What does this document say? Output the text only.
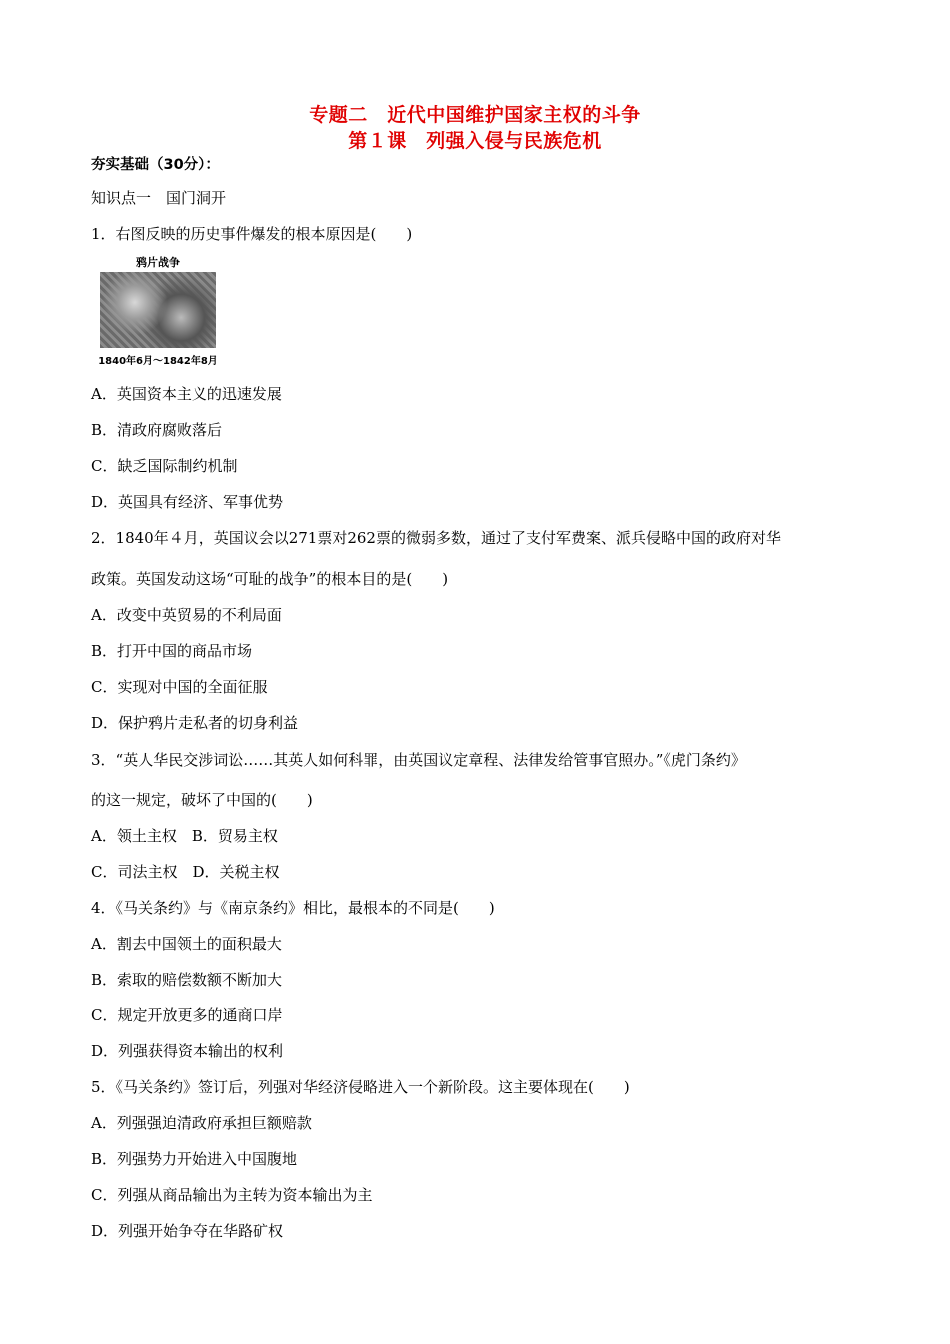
专题二　近代中国维护国家主权的斗争
第１课　列强入侵与民族危机
夯实基础（30分）：
知识点一　国门洞开
1．右图反映的历史事件爆发的根本原因是(　　)
鸦片战争
1840年6月～1842年8月
A．英国资本主义的迅速发展
B．清政府腐败落后
C．缺乏国际制约机制
D．英国具有经济、军事优势
2．1840年４月，英国议会以271票对262票的微弱多数，通过了支付军费案、派兵侵略中国的政府对华
政策。英国发动这场“可耻的战争”的根本目的是(　　)
A．改变中英贸易的不利局面
B．打开中国的商品市场
C．实现对中国的全面征服
D．保护鸦片走私者的切身利益
3．“英人华民交涉词讼……其英人如何科罪，由英国议定章程、法律发给管事官照办。”《虎门条约》
的这一规定，破坏了中国的(　　)
A．领土主权　B．贸易主权
C．司法主权　D．关税主权
4．《马关条约》与《南京条约》相比，最根本的不同是(　　)
A．割去中国领土的面积最大
B．索取的赔偿数额不断加大
C．规定开放更多的通商口岸
D．列强获得资本输出的权利
5．《马关条约》签订后，列强对华经济侵略进入一个新阶段。这主要体现在(　　)
A．列强强迫清政府承担巨额赔款
B．列强势力开始进入中国腹地
C．列强从商品输出为主转为资本输出为主
D．列强开始争夺在华路矿权
